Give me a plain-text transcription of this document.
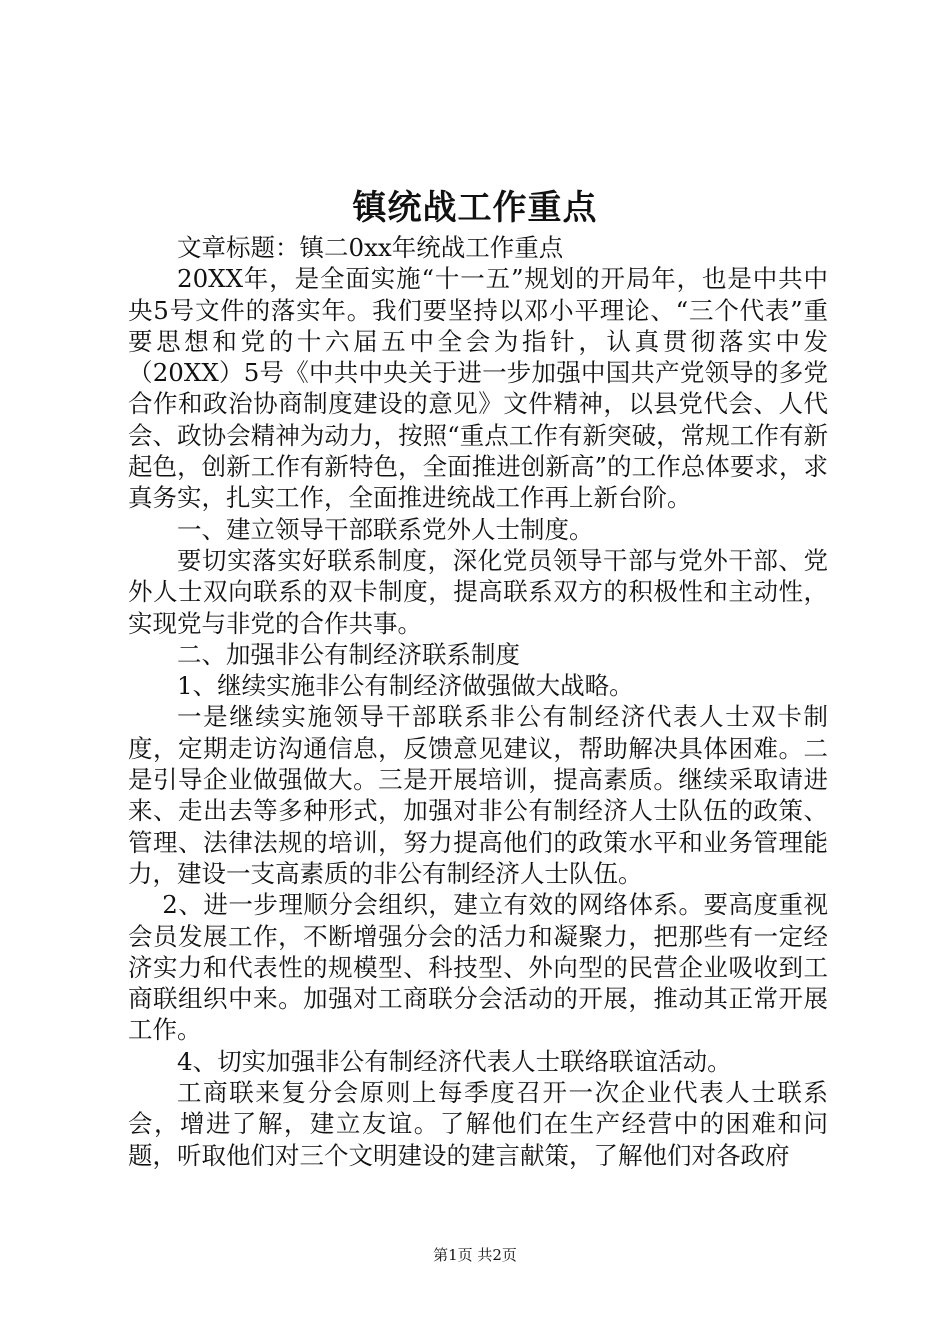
镇统战工作重点

文章标题：镇二0xx年统战工作重点

20XX年，是全面实施“十一五”规划的开局年，也是中共中央5号文件的落实年。我们要坚持以邓小平理论、“三个代表”重要思想和党的十六届五中全会为指针，认真贯彻落实中发（20XX）5号《中共中央关于进一步加强中国共产党领导的多党合作和政治协商制度建设的意见》文件精神，以县党代会、人代会、政协会精神为动力，按照“重点工作有新突破，常规工作有新起色，创新工作有新特色，全面推进创新高”的工作总体要求，求真务实，扎实工作，全面推进统战工作再上新台阶。

一、建立领导干部联系党外人士制度。

要切实落实好联系制度，深化党员领导干部与党外干部、党外人士双向联系的双卡制度，提高联系双方的积极性和主动性，实现党与非党的合作共事。

二、加强非公有制经济联系制度

1、继续实施非公有制经济做强做大战略。

一是继续实施领导干部联系非公有制经济代表人士双卡制度，定期走访沟通信息，反馈意见建议，帮助解决具体困难。二是引导企业做强做大。三是开展培训，提高素质。继续采取请进来、走出去等多种形式，加强对非公有制经济人士队伍的政策、管理、法律法规的培训，努力提高他们的政策水平和业务管理能力，建设一支高素质的非公有制经济人士队伍。

2、进一步理顺分会组织，建立有效的网络体系。要高度重视会员发展工作，不断增强分会的活力和凝聚力，把那些有一定经济实力和代表性的规模型、科技型、外向型的民营企业吸收到工商联组织中来。加强对工商联分会活动的开展，推动其正常开展工作。

4、切实加强非公有制经济代表人士联络联谊活动。

工商联来复分会原则上每季度召开一次企业代表人士联系会，增进了解，建立友谊。了解他们在生产经营中的困难和问题，听取他们对三个文明建设的建言献策，了解他们对各政府

第1页 共2页
